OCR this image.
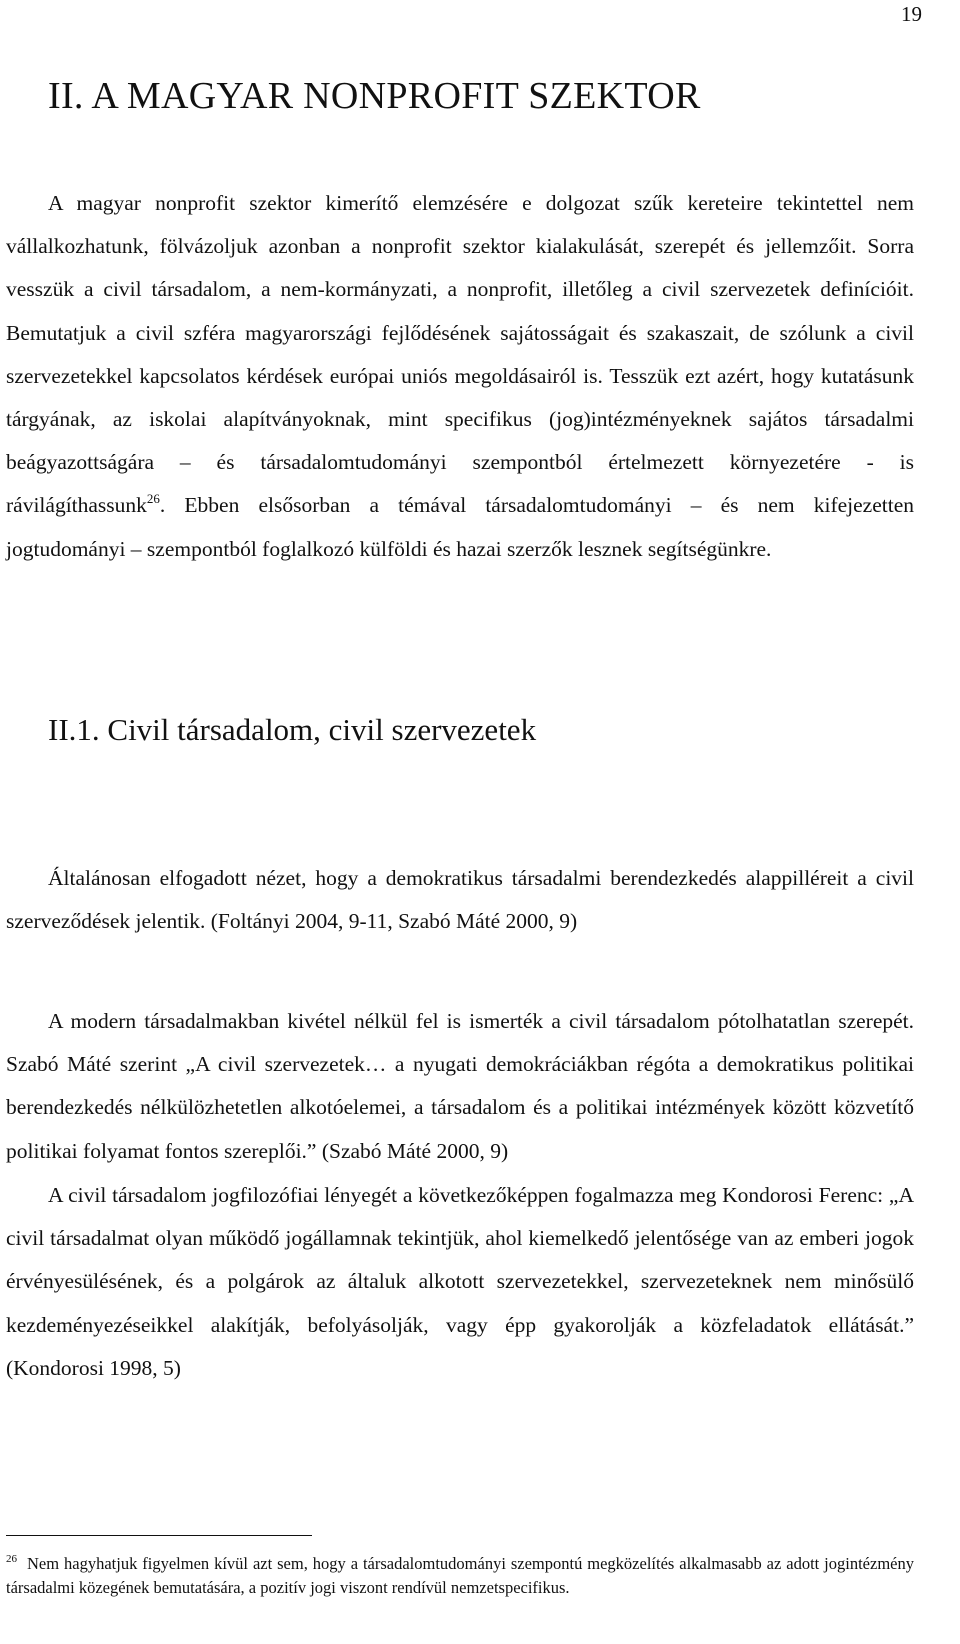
19
II. A MAGYAR NONPROFIT SZEKTOR

A magyar nonprofit szektor kimerítő elemzésére e dolgozat szűk kereteire tekintettel nem vállalkozhatunk, fölvázoljuk azonban a nonprofit szektor kialakulását, szerepét és jellemzőit. Sorra vesszük a civil társadalom, a nem-kormányzati, a nonprofit, illetőleg a civil szervezetek definícióit. Bemutatjuk a civil szféra magyarországi fejlődésének sajátosságait és szakaszait, de szólunk a civil szervezetekkel kapcsolatos kérdések európai uniós megoldásairól is. Tesszük ezt azért, hogy kutatásunk tárgyának, az iskolai alapítványoknak, mint specifikus (jog)intézményeknek sajátos társadalmi beágyazottságára – és társadalomtudományi szempontból értelmezett környezetére - is rávilágíthassunk$^{26}$. Ebben elsősorban a témával társadalomtudományi – és nem kifejezetten jogtudományi – szempontból foglalkozó külföldi és hazai szerzők lesznek segítségünkre.

II.1. Civil társadalom, civil szervezetek

Általánosan elfogadott nézet, hogy a demokratikus társadalmi berendezkedés alappilléreit a civil szerveződések jelentik. (Foltányi 2004, 9-11, Szabó Máté 2000, 9)

A modern társadalmakban kivétel nélkül fel is ismerték a civil társadalom pótolhatatlan szerepét. Szabó Máté szerint „A civil szervezetek… a nyugati demokráciákban régóta a demokratikus politikai berendezkedés nélkülözhetetlen alkotóelemei, a társadalom és a politikai intézmények között közvetítő politikai folyamat fontos szereplői.” (Szabó Máté 2000, 9)

A civil társadalom jogfilozófiai lényegét a következőképpen fogalmazza meg Kondorosi Ferenc: „A civil társadalmat olyan működő jogállamnak tekintjük, ahol kiemelkedő jelentősége van az emberi jogok érvényesülésének, és a polgárok az általuk alkotott szervezetekkel, szervezeteknek nem minősülő kezdeményezéseikkel alakítják, befolyásolják, vagy épp gyakorolják a közfeladatok ellátását.” (Kondorosi 1998, 5)

$^{26}$ Nem hagyhatjuk figyelmen kívül azt sem, hogy a társadalomtudományi szempontú megközelítés alkalmasabb az adott jogintézmény társadalmi közegének bemutatására, a pozitív jogi viszont rendívül nemzetspecifikus.
